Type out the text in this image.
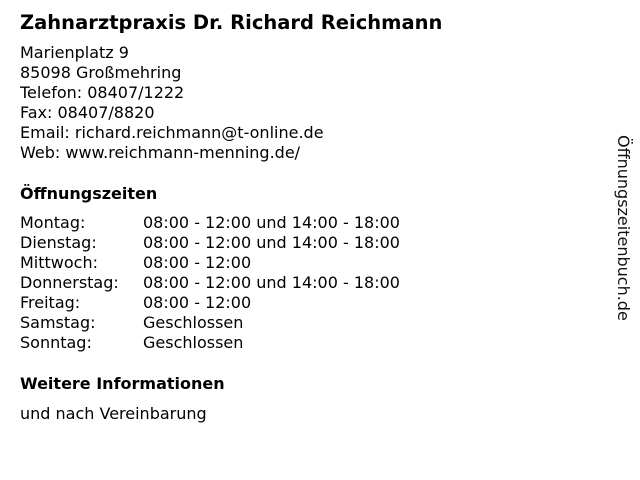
Zahnarztpraxis Dr. Richard Reichmann
Marienplatz 9
85098 Großmehring
Telefon: 08407/1222
Fax: 08407/8820
Email: richard.reichmann@t-online.de
Web: www.reichmann-menning.de/
Öffnungszeiten
Montag:	08:00 - 12:00 und 14:00 - 18:00
Dienstag:	08:00 - 12:00 und 14:00 - 18:00
Mittwoch:	08:00 - 12:00
Donnerstag: 08:00 - 12:00 und 14:00 - 18:00
Freitag:	08:00 - 12:00
Samstag:	Geschlossen
Sonntag:	Geschlossen
Weitere Informationen
und nach Vereinbarung
Öffnungszeitenbuch.de
